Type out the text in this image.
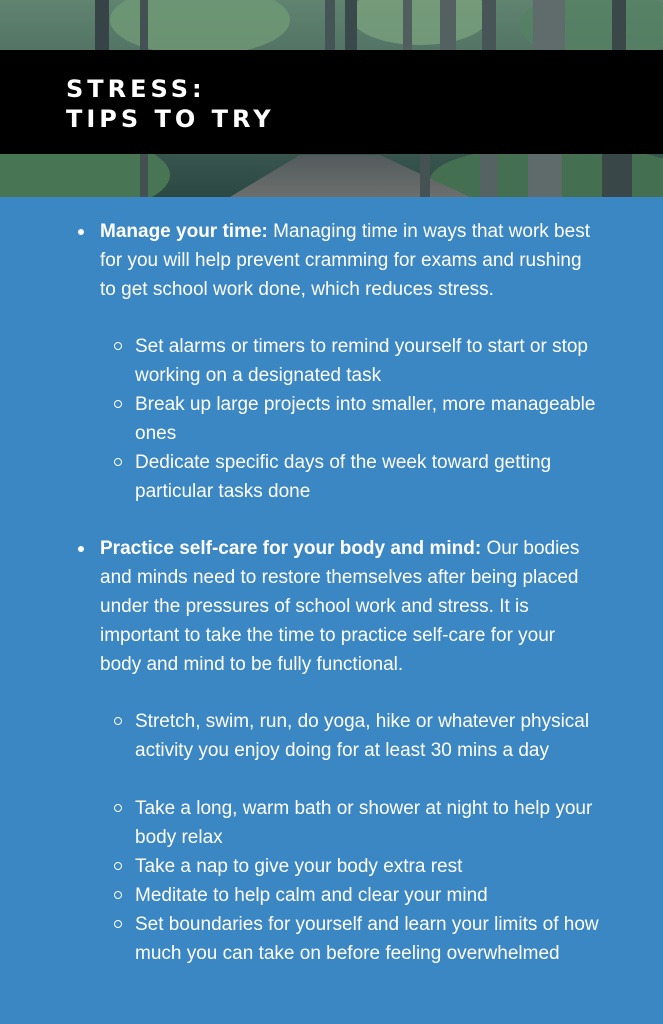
STRESS:
TIPS TO TRY
Manage your time: Managing time in ways that work best for you will help prevent cramming for exams and rushing to get school work done, which reduces stress.
Set alarms or timers to remind yourself to start or stop working on a designated task
Break up large projects into smaller, more manageable ones
Dedicate specific days of the week toward getting particular tasks done
Practice self-care for your body and mind: Our bodies and minds need to restore themselves after being placed under the pressures of school work and stress. It is important to take the time to practice self-care for your body and mind to be fully functional.
Stretch, swim, run, do yoga, hike or whatever physical activity you enjoy doing for at least 30 mins a day
Take a long, warm bath or shower at night to help your body relax
Take a nap to give your body extra rest
Meditate to help calm and clear your mind
Set boundaries for yourself and learn your limits of how much you can take on before feeling overwhelmed
